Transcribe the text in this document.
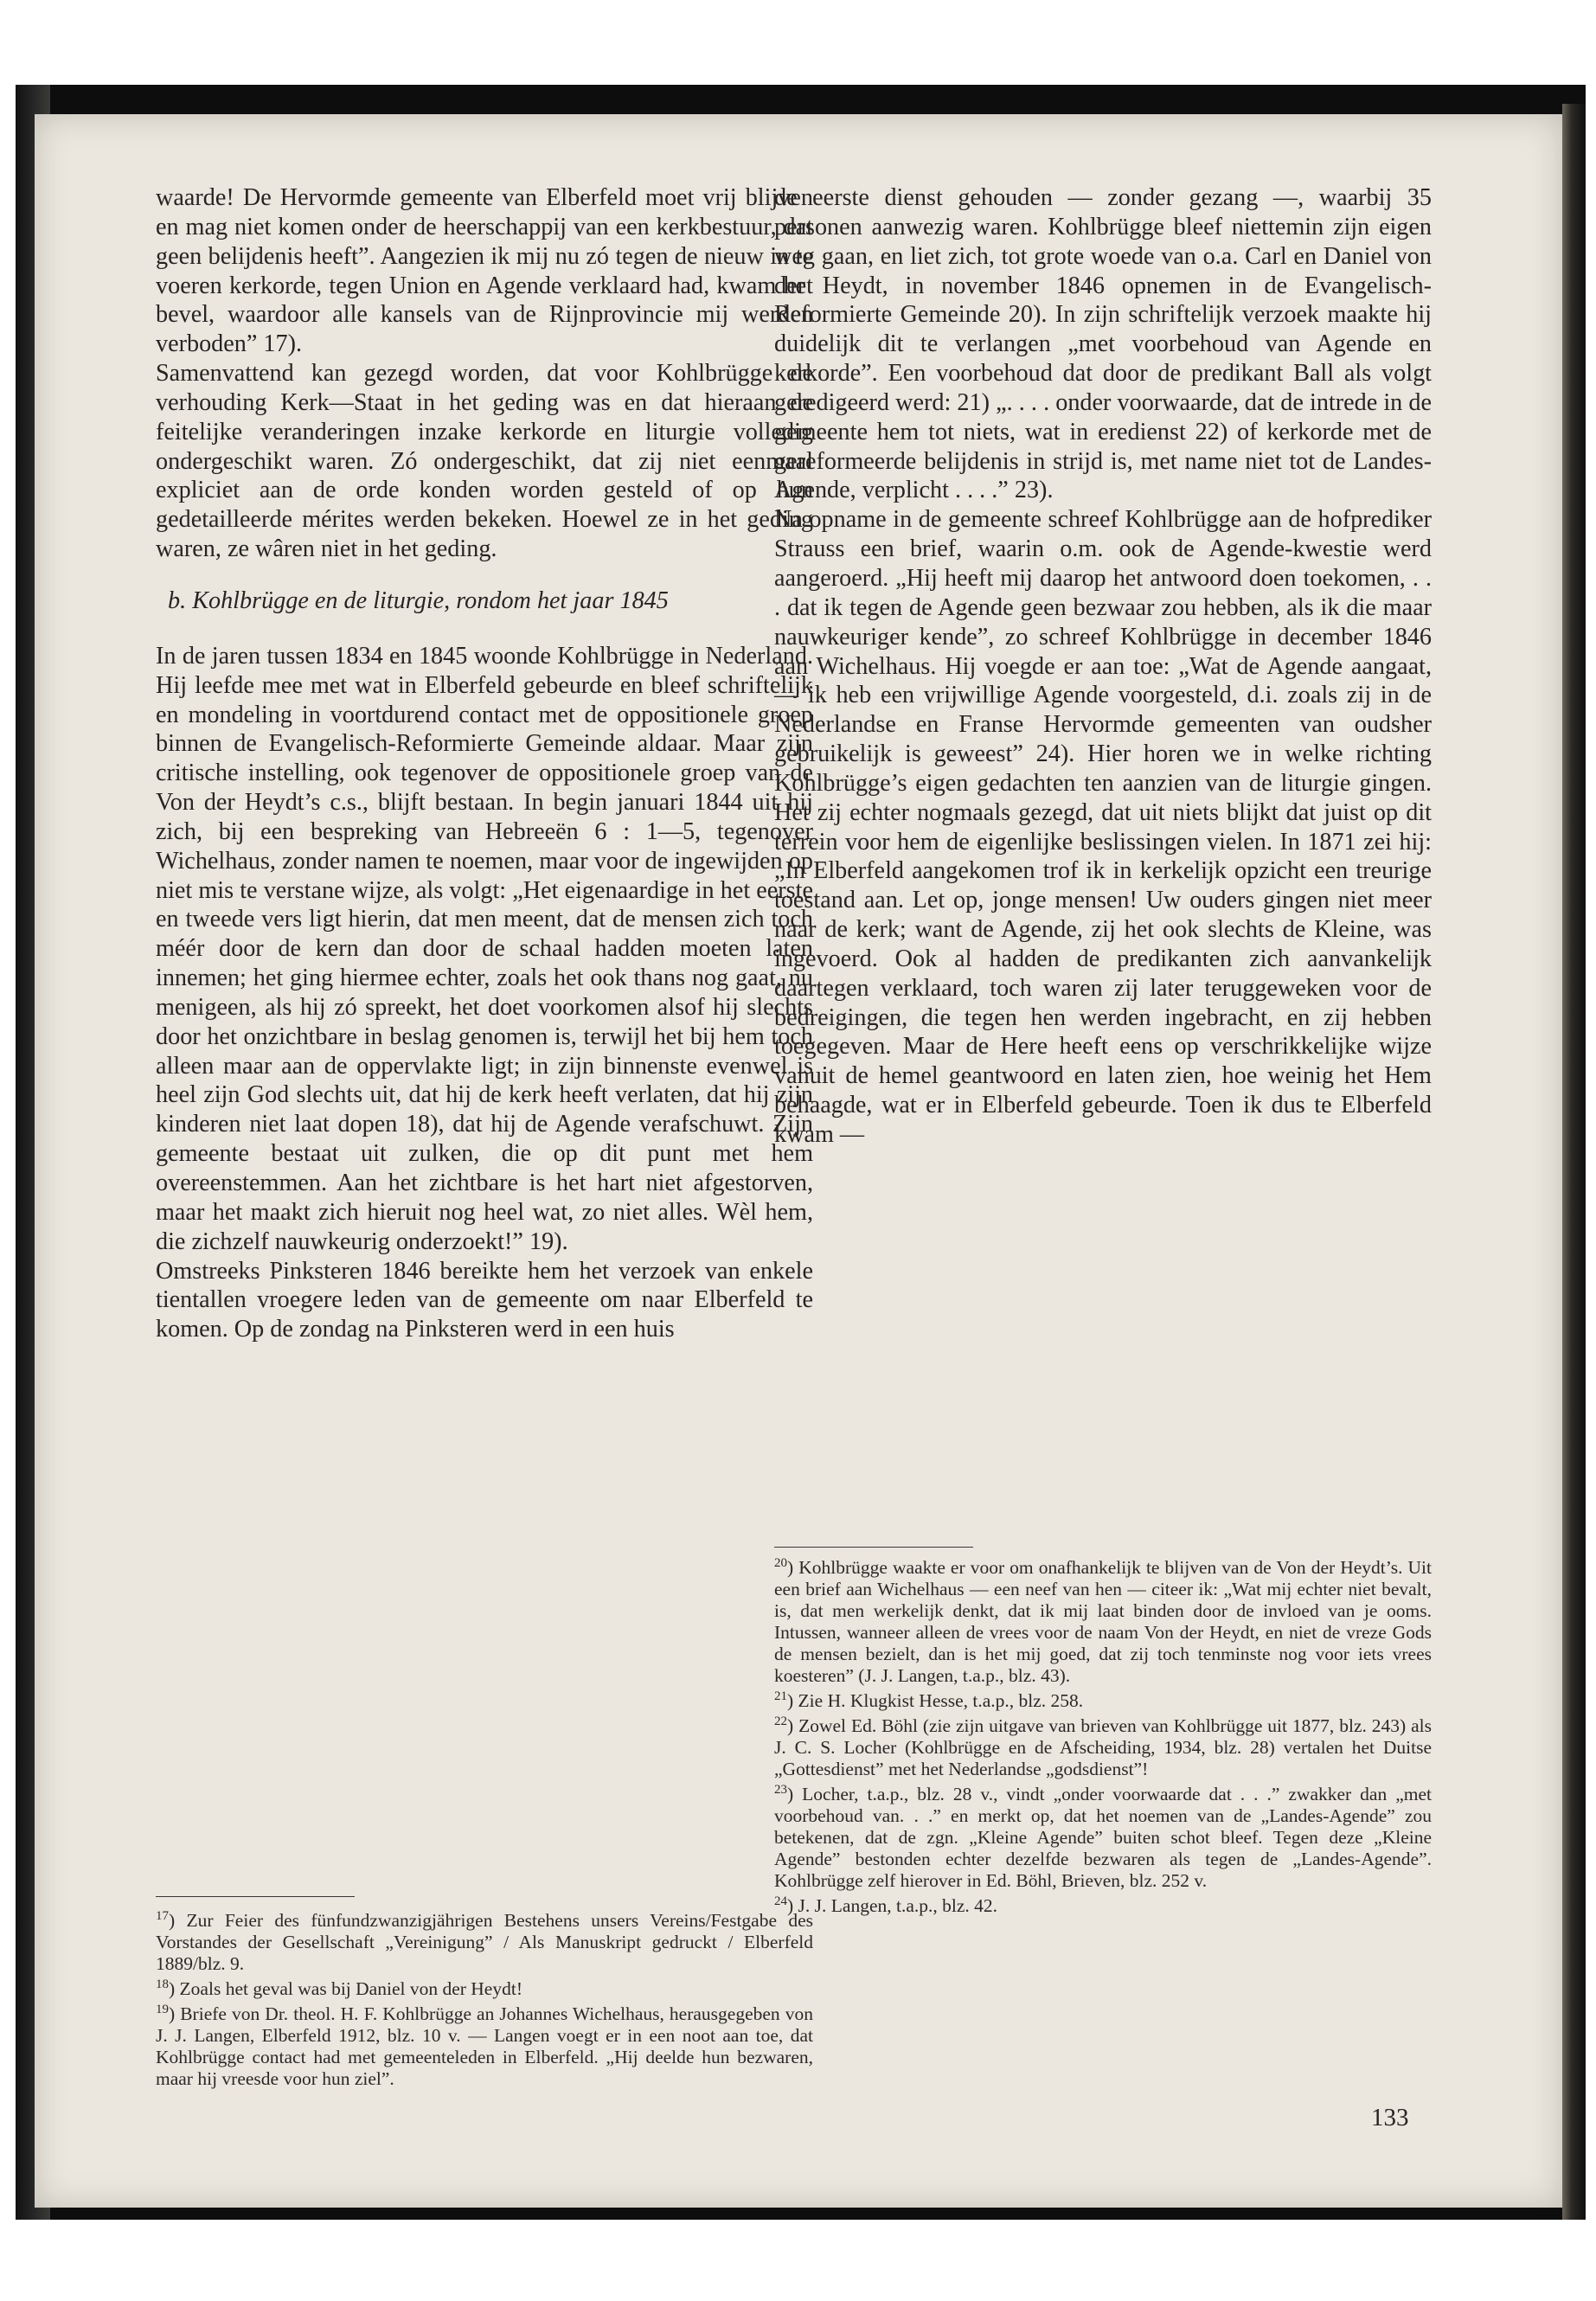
waarde! De Hervormde gemeente van Elberfeld moet vrij blijven en mag niet komen onder de heerschappij van een kerkbestuur, dat geen belijdenis heeft”. Aangezien ik mij nu zó tegen de nieuw in te voeren kerkorde, tegen Union en Agende verklaard had, kwam het bevel, waardoor alle kansels van de Rijnprovincie mij werden verboden” 17).

Samenvattend kan gezegd worden, dat voor Kohlbrügge de verhouding Kerk—Staat in het geding was en dat hieraan de feitelijke veranderingen inzake kerkorde en liturgie volledig ondergeschikt waren. Zó ondergeschikt, dat zij niet eenmaal expliciet aan de orde konden worden gesteld of op hun gedetailleerde mérites werden bekeken. Hoewel ze in het geding waren, ze wâren niet in het geding.

b. Kohlbrügge en de liturgie, rondom het jaar 1845

In de jaren tussen 1834 en 1845 woonde Kohlbrügge in Nederland. Hij leefde mee met wat in Elberfeld gebeurde en bleef schriftelijk en mondeling in voortdurend contact met de oppositionele groep binnen de Evangelisch-Reformierte Gemeinde aldaar. Maar zijn critische instelling, ook tegenover de oppositionele groep van de Von der Heydt’s c.s., blijft bestaan. In begin januari 1844 uit hij zich, bij een bespreking van Hebreeën 6 : 1—5, tegenover Wichelhaus, zonder namen te noemen, maar voor de ingewijden op niet mis te verstane wijze, als volgt: „Het eigenaardige in het eerste en tweede vers ligt hierin, dat men meent, dat de mensen zich toch méér door de kern dan door de schaal hadden moeten laten innemen; het ging hiermee echter, zoals het ook thans nog gaat, nu menigeen, als hij zó spreekt, het doet voorkomen alsof hij slechts door het onzichtbare in beslag genomen is, terwijl het bij hem toch alleen maar aan de oppervlakte ligt; in zijn binnenste evenwel is heel zijn God slechts uit, dat hij de kerk heeft verlaten, dat hij zijn kinderen niet laat dopen 18), dat hij de Agende verafschuwt. Zijn gemeente bestaat uit zulken, die op dit punt met hem overeenstemmen. Aan het zichtbare is het hart niet afgestorven, maar het maakt zich hieruit nog heel wat, zo niet alles. Wèl hem, die zichzelf nauwkeurig onderzoekt!” 19).

Omstreeks Pinksteren 1846 bereikte hem het verzoek van enkele tientallen vroegere leden van de gemeente om naar Elberfeld te komen. Op de zondag na Pinksteren werd in een huis

$^{17}$) Zur Feier des fünfundzwanzigjährigen Bestehens unsers Vereins/Festgabe des Vorstandes der Gesellschaft „Vereinigung” / Als Manuskript gedruckt / Elberfeld 1889/blz. 9.

$^{18}$) Zoals het geval was bij Daniel von der Heydt!

$^{19}$) Briefe von Dr. theol. H. F. Kohlbrügge an Johannes Wichelhaus, herausgegeben von J. J. Langen, Elberfeld 1912, blz. 10 v. — Langen voegt er in een noot aan toe, dat Kohlbrügge contact had met gemeenteleden in Elberfeld. „Hij deelde hun bezwaren, maar hij vreesde voor hun ziel”.

de eerste dienst gehouden — zonder gezang —, waarbij 35 personen aanwezig waren. Kohlbrügge bleef niettemin zijn eigen weg gaan, en liet zich, tot grote woede van o.a. Carl en Daniel von der Heydt, in november 1846 opnemen in de Evangelisch-Reformierte Gemeinde 20). In zijn schriftelijk verzoek maakte hij duidelijk dit te verlangen „met voorbehoud van Agende en kerkorde”. Een voorbehoud dat door de predikant Ball als volgt geredigeerd werd: 21) „. . . . onder voorwaarde, dat de intrede in de gemeente hem tot niets, wat in eredienst 22) of kerkorde met de gereformeerde belijdenis in strijd is, met name niet tot de Landes-Agende, verplicht . . . .” 23).

Na opname in de gemeente schreef Kohlbrügge aan de hofprediker Strauss een brief, waarin o.m. ook de Agende-kwestie werd aangeroerd. „Hij heeft mij daarop het antwoord doen toekomen, . . . dat ik tegen de Agende geen bezwaar zou hebben, als ik die maar nauwkeuriger kende”, zo schreef Kohlbrügge in december 1846 aan Wichelhaus. Hij voegde er aan toe: „Wat de Agende aangaat, — ik heb een vrijwillige Agende voorgesteld, d.i. zoals zij in de Nederlandse en Franse Hervormde gemeenten van oudsher gebruikelijk is geweest” 24). Hier horen we in welke richting Kohlbrügge’s eigen gedachten ten aanzien van de liturgie gingen. Het zij echter nogmaals gezegd, dat uit niets blijkt dat juist op dit terrein voor hem de eigenlijke beslissingen vielen. In 1871 zei hij: „In Elberfeld aangekomen trof ik in kerkelijk opzicht een treurige toestand aan. Let op, jonge mensen! Uw ouders gingen niet meer naar de kerk; want de Agende, zij het ook slechts de Kleine, was ingevoerd. Ook al hadden de predikanten zich aanvankelijk daartegen verklaard, toch waren zij later teruggeweken voor de bedreigingen, die tegen hen werden ingebracht, en zij hebben toegegeven. Maar de Here heeft eens op verschrikkelijke wijze vanuit de hemel geantwoord en laten zien, hoe weinig het Hem behaagde, wat er in Elberfeld gebeurde. Toen ik dus te Elberfeld kwam —

$^{20}$) Kohlbrügge waakte er voor om onafhankelijk te blijven van de Von der Heydt’s. Uit een brief aan Wichelhaus — een neef van hen — citeer ik: „Wat mij echter niet bevalt, is, dat men werkelijk denkt, dat ik mij laat binden door de invloed van je ooms. Intussen, wanneer alleen de vrees voor de naam Von der Heydt, en niet de vreze Gods de mensen bezielt, dan is het mij goed, dat zij toch tenminste nog voor iets vrees koesteren” (J. J. Langen, t.a.p., blz. 43).

$^{21}$) Zie H. Klugkist Hesse, t.a.p., blz. 258.

$^{22}$) Zowel Ed. Böhl (zie zijn uitgave van brieven van Kohlbrügge uit 1877, blz. 243) als J. C. S. Locher (Kohlbrügge en de Afscheiding, 1934, blz. 28) vertalen het Duitse „Gottesdienst” met het Nederlandse „godsdienst”!

$^{23}$) Locher, t.a.p., blz. 28 v., vindt „onder voorwaarde dat . . .” zwakker dan „met voorbehoud van. . .” en merkt op, dat het noemen van de „Landes-Agende” zou betekenen, dat de zgn. „Kleine Agende” buiten schot bleef. Tegen deze „Kleine Agende” bestonden echter dezelfde bezwaren als tegen de „Landes-Agende”. Kohlbrügge zelf hierover in Ed. Böhl, Brieven, blz. 252 v.

$^{24}$) J. J. Langen, t.a.p., blz. 42.

133
